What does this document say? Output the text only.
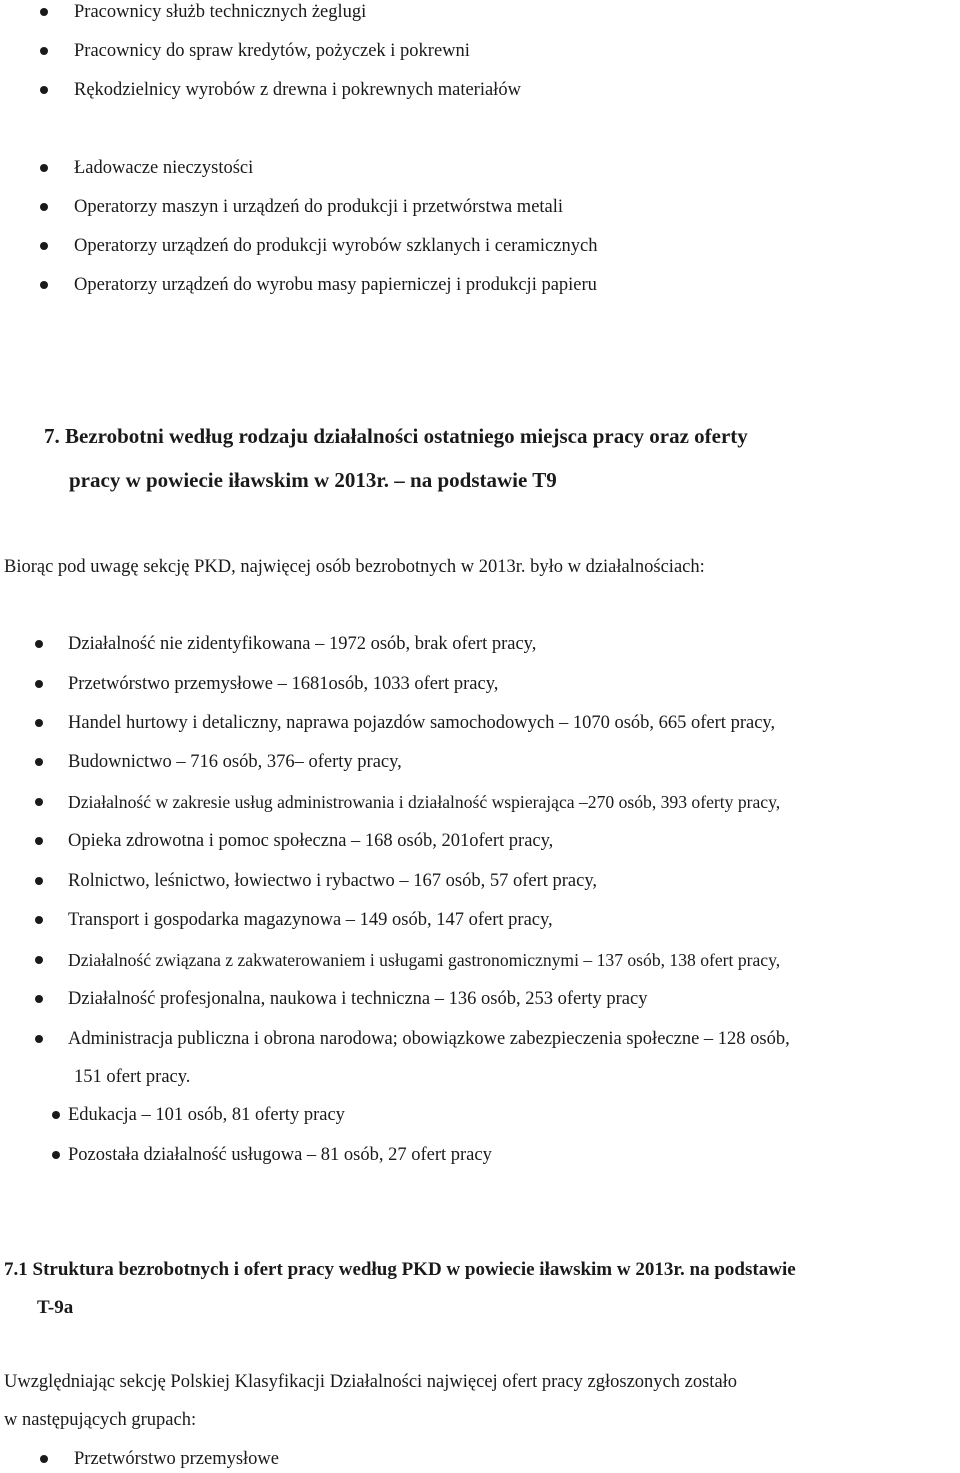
Pracownicy służb technicznych żeglugi
Pracownicy do spraw kredytów, pożyczek i pokrewni
Rękodzielnicy wyrobów z drewna i pokrewnych materiałów
Ładowacze nieczystości
Operatorzy maszyn i urządzeń do produkcji i przetwórstwa metali
Operatorzy urządzeń do produkcji wyrobów szklanych i ceramicznych
Operatorzy urządzeń do wyrobu masy papierniczej i produkcji papieru
7. Bezrobotni według rodzaju działalności ostatniego miejsca pracy oraz oferty
pracy w powiecie iławskim w 2013r. – na podstawie T9
Biorąc pod uwagę sekcję PKD, najwięcej osób bezrobotnych w 2013r. było w działalnościach:
Działalność nie zidentyfikowana – 1972 osób, brak ofert pracy,
Przetwórstwo przemysłowe – 1681osób, 1033 ofert pracy,
Handel hurtowy i detaliczny, naprawa pojazdów samochodowych – 1070 osób, 665 ofert pracy,
Budownictwo – 716 osób, 376– oferty pracy,
Działalność w zakresie usług administrowania i działalność wspierająca –270 osób, 393 oferty pracy,
Opieka zdrowotna i pomoc społeczna – 168 osób, 201ofert pracy,
Rolnictwo, leśnictwo, łowiectwo i rybactwo – 167 osób, 57 ofert pracy,
Transport i gospodarka magazynowa – 149 osób, 147 ofert pracy,
Działalność związana z zakwaterowaniem i usługami gastronomicznymi – 137 osób, 138 ofert pracy,
Działalność profesjonalna, naukowa i techniczna – 136 osób, 253 oferty pracy
Administracja publiczna i obrona narodowa; obowiązkowe zabezpieczenia społeczne – 128 osób,
151 ofert pracy.
Edukacja – 101 osób, 81 oferty pracy
Pozostała działalność usługowa – 81 osób, 27 ofert pracy
7.1 Struktura bezrobotnych i ofert pracy według PKD w powiecie iławskim w 2013r. na podstawie
T-9a
Uwzględniając sekcję Polskiej Klasyfikacji Działalności najwięcej ofert pracy zgłoszonych zostało
w następujących grupach:
Przetwórstwo przemysłowe
